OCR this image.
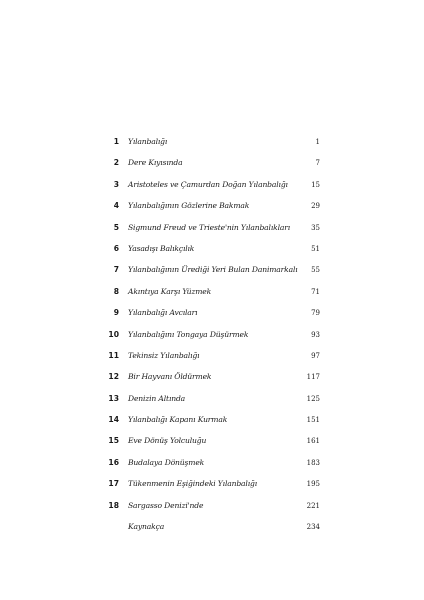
1 Yılanbalığı	1
2 Dere Kıyısında	7
3 Aristoteles ve Çamurdan Doğan Yılanbalığı	15
4 Yılanbalığının Gözlerine Bakmak	29
5 Sigmund Freud ve Trieste'nin Yılanbalıkları	35
6 Yasadışı Balıkçılık	51
7 Yılanbalığının Ürediği Yeri Bulan Danimarkalı 55
8 Akıntıya Karşı Yüzmek	71
9 Yılanbalığı Avcıları	79
10 Yılanbalığını Tongaya Düşürmek	93
11 Tekinsiz Yılanbalığı	97
12 Bir Hayvanı Öldürmek	117
13 Denizin Altında	125
14 Yılanbalığı Kapanı Kurmak	151
15 Eve Dönüş Yolculuğu	161
16 Budalaya Dönüşmek	183
17 Tükenmenin Eşiğindeki Yılanbalığı	195
18 Sargasso Denizi'nde	221
Kaynakça	234
